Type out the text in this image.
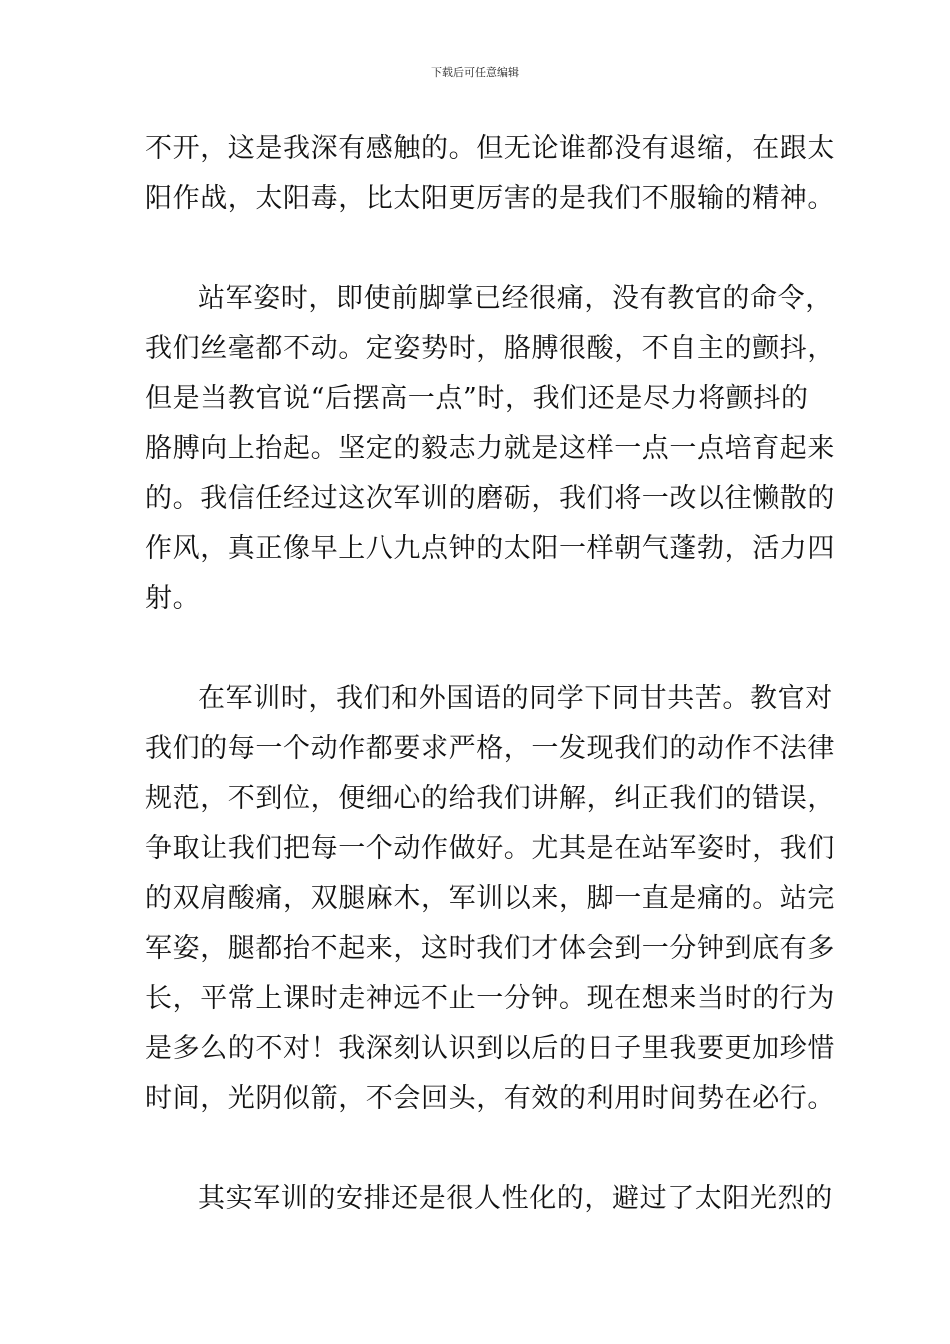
下载后可任意编辑
不开，这是我深有感触的。但无论谁都没有退缩，在跟太
阳作战，太阳毒，比太阳更厉害的是我们不服输的精神。
站军姿时，即使前脚掌已经很痛，没有教官的命令，
我们丝毫都不动。定姿势时，胳膊很酸，不自主的颤抖，
但是当教官说“后摆高一点”时，我们还是尽力将颤抖的
胳膊向上抬起。坚定的毅志力就是这样一点一点培育起来
的。我信任经过这次军训的磨砺，我们将一改以往懒散的
作风，真正像早上八九点钟的太阳一样朝气蓬勃，活力四
射。
在军训时，我们和外国语的同学下同甘共苦。教官对
我们的每一个动作都要求严格，一发现我们的动作不法律
规范，不到位，便细心的给我们讲解，纠正我们的错误，
争取让我们把每一个动作做好。尤其是在站军姿时，我们
的双肩酸痛，双腿麻木，军训以来，脚一直是痛的。站完
军姿，腿都抬不起来，这时我们才体会到一分钟到底有多
长，平常上课时走神远不止一分钟。现在想来当时的行为
是多么的不对！我深刻认识到以后的日子里我要更加珍惜
时间，光阴似箭，不会回头，有效的利用时间势在必行。
其实军训的安排还是很人性化的，避过了太阳光烈的
